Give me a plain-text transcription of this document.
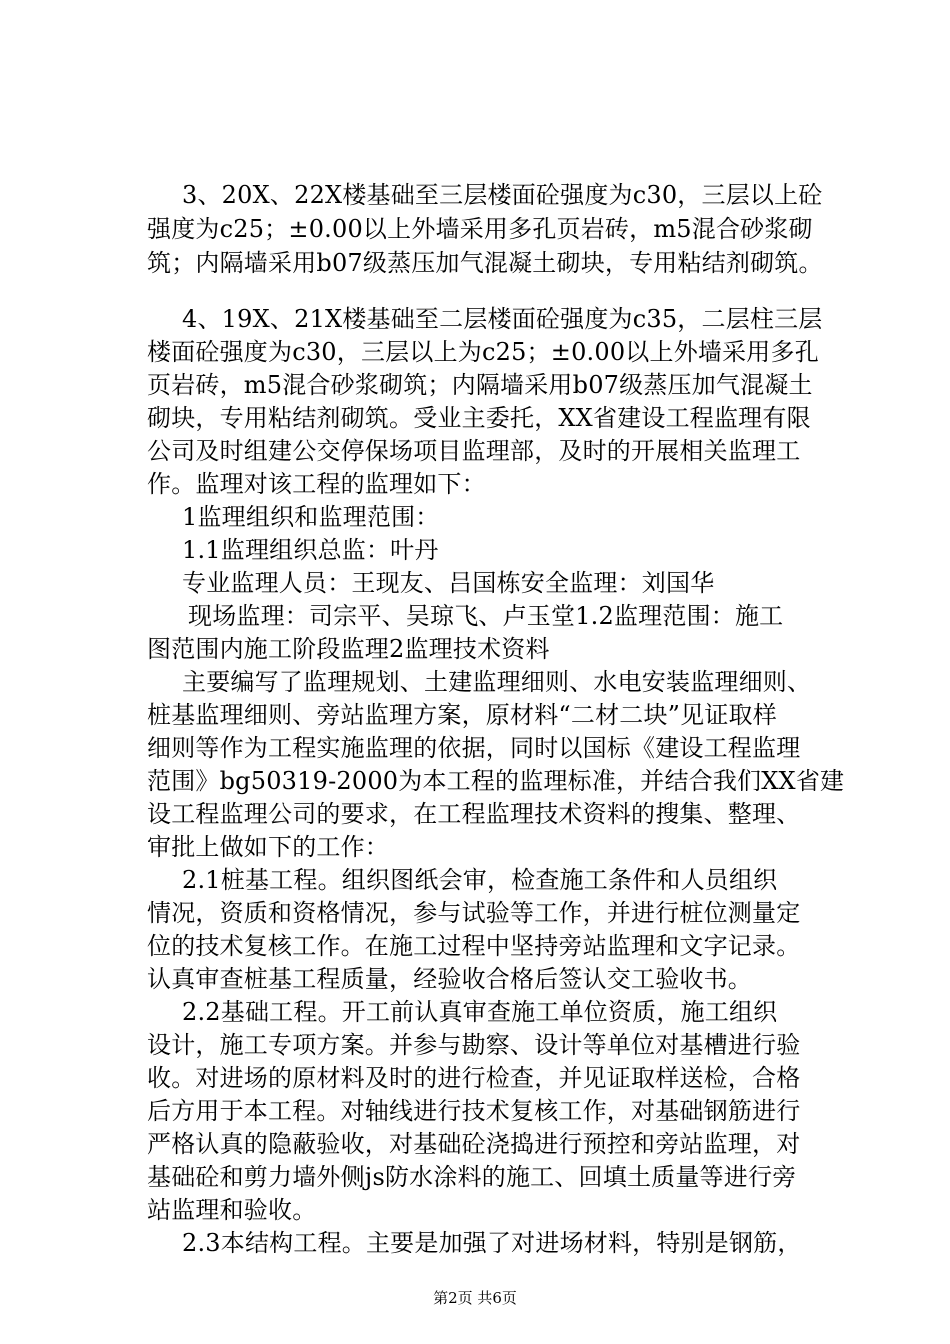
3、20X、22X楼基础至三层楼面砼强度为c30，三层以上砼
强度为c25；±0.00以上外墙采用多孔页岩砖，m5混合砂浆砌
筑；内隔墙采用b07级蒸压加气混凝土砌块，专用粘结剂砌筑。
4、19X、21X楼基础至二层楼面砼强度为c35，二层柱三层
楼面砼强度为c30，三层以上为c25；±0.00以上外墙采用多孔
页岩砖，m5混合砂浆砌筑；内隔墙采用b07级蒸压加气混凝土
砌块，专用粘结剂砌筑。受业主委托，XX省建设工程监理有限
公司及时组建公交停保场项目监理部，及时的开展相关监理工
作。监理对该工程的监理如下：
1监理组织和监理范围：
1.1监理组织总监：叶丹
专业监理人员：王现友、吕国栋安全监理：刘国华
现场监理：司宗平、吴琼飞、卢玉堂1.2监理范围：施工
图范围内施工阶段监理2监理技术资料
主要编写了监理规划、土建监理细则、水电安装监理细则、
桩基监理细则、旁站监理方案，原材料“二材二块”见证取样
细则等作为工程实施监理的依据，同时以国标《建设工程监理
范围》bg50319-2000为本工程的监理标准，并结合我们XX省建
设工程监理公司的要求，在工程监理技术资料的搜集、整理、
审批上做如下的工作：
2.1桩基工程。组织图纸会审，检查施工条件和人员组织
情况，资质和资格情况，参与试验等工作，并进行桩位测量定
位的技术复核工作。在施工过程中坚持旁站监理和文字记录。
认真审查桩基工程质量，经验收合格后签认交工验收书。
2.2基础工程。开工前认真审查施工单位资质，施工组织
设计，施工专项方案。并参与勘察、设计等单位对基槽进行验
收。对进场的原材料及时的进行检查，并见证取样送检，合格
后方用于本工程。对轴线进行技术复核工作，对基础钢筋进行
严格认真的隐蔽验收，对基础砼浇捣进行预控和旁站监理，对
基础砼和剪力墙外侧js防水涂料的施工、回填土质量等进行旁
站监理和验收。
2.3本结构工程。主要是加强了对进场材料，特别是钢筋，
第2页 共6页
